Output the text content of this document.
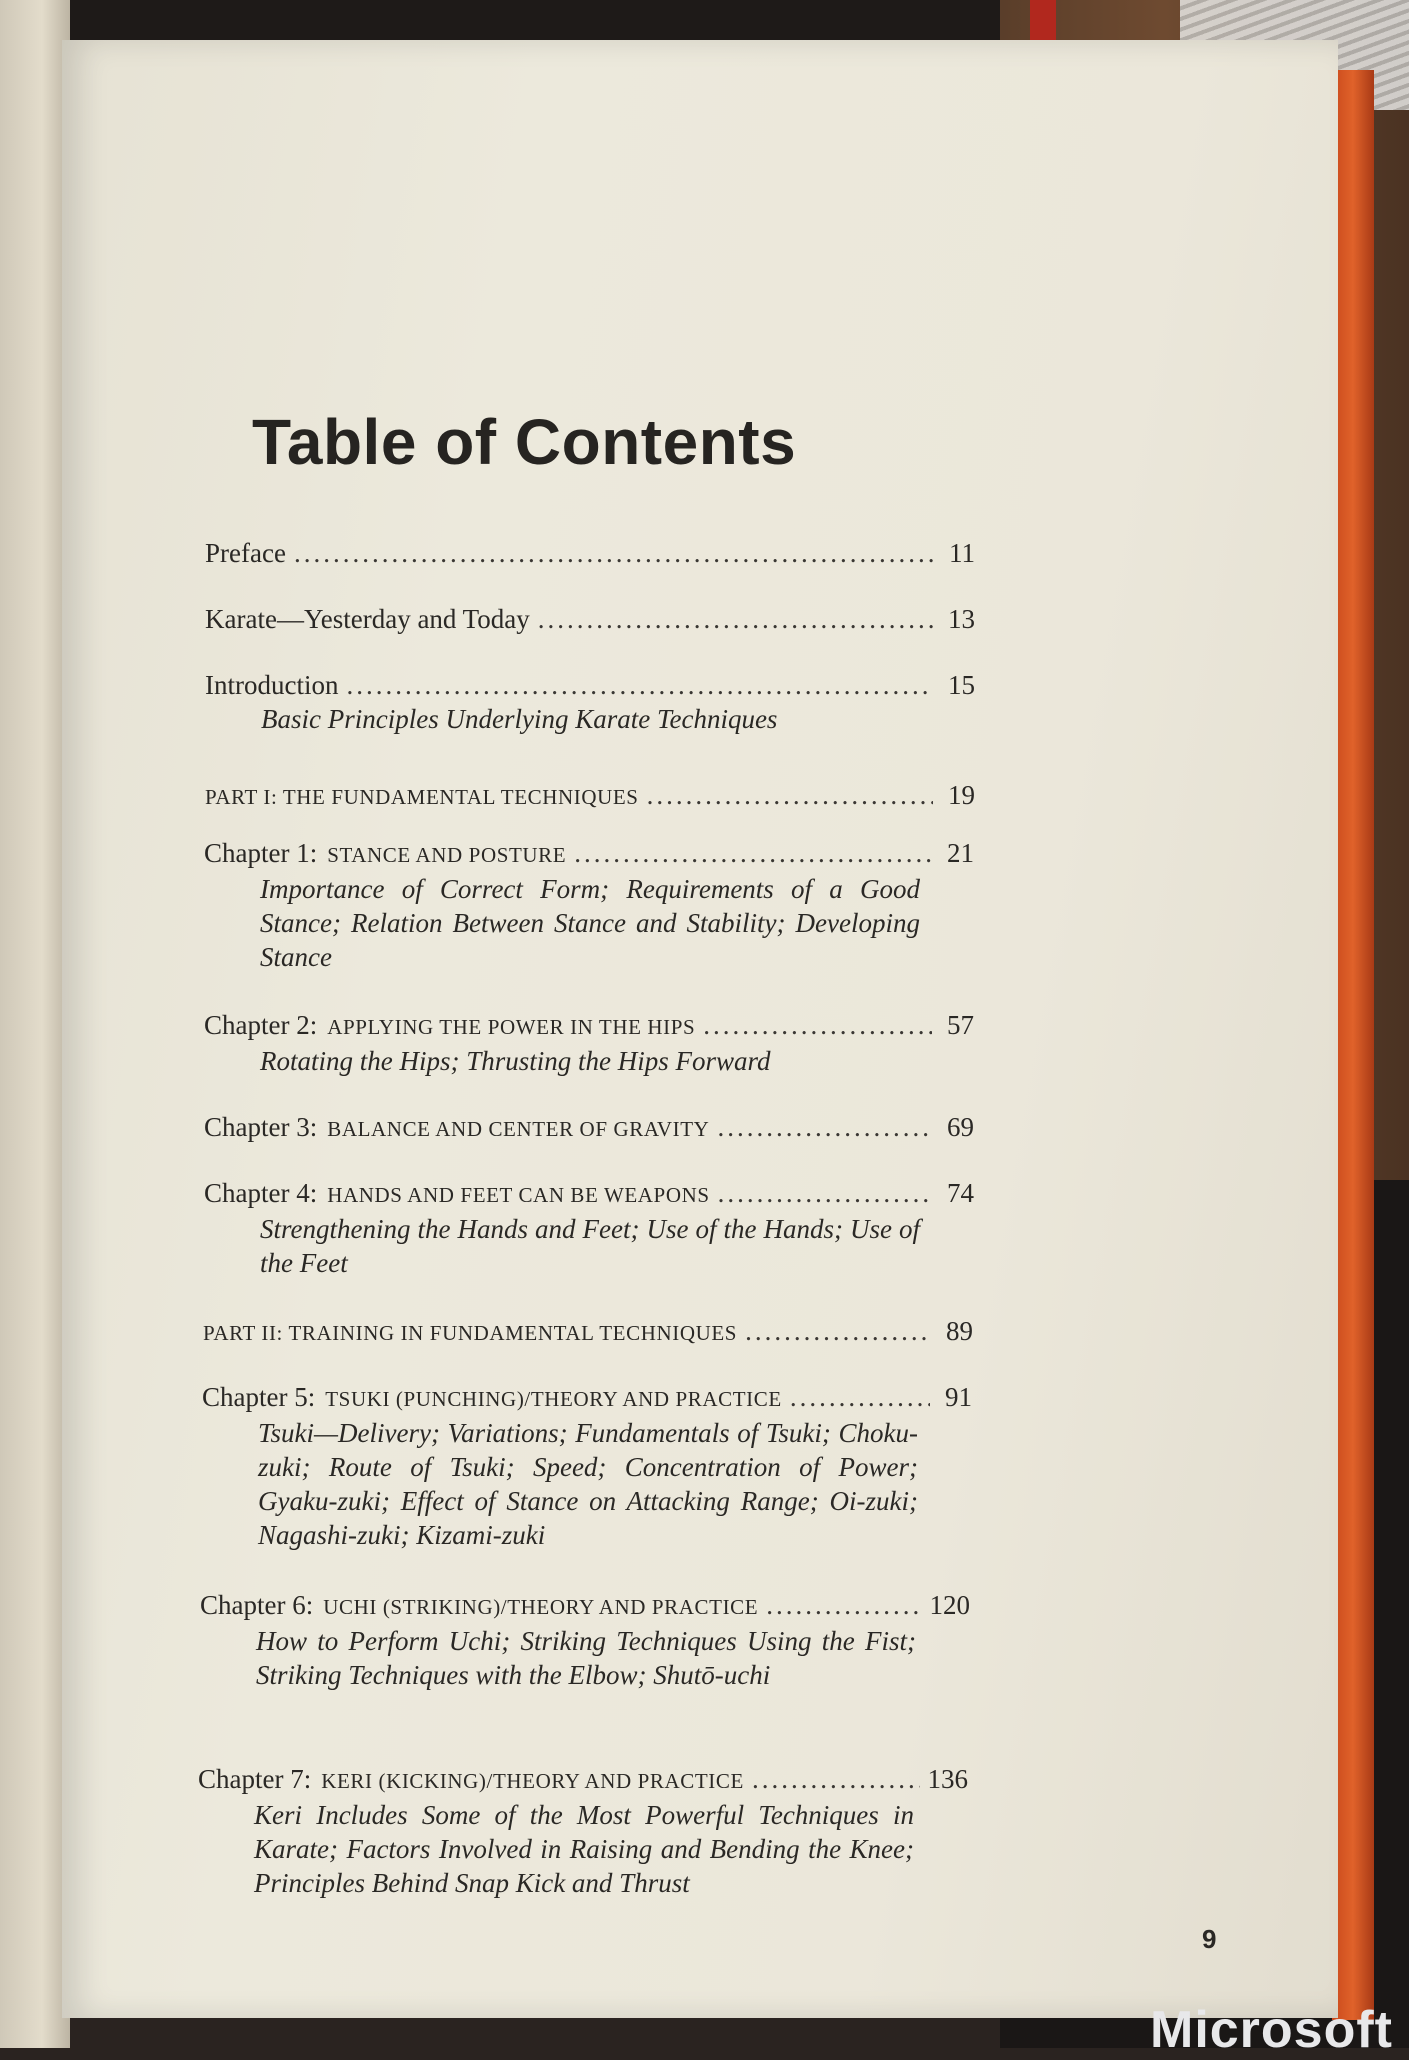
Microsoft
Table of Contents
Preface .....	11
Karate—Yesterday and Today .....	13
Introduction .....	15
Basic Principles Underlying Karate Techniques
PART I: THE FUNDAMENTAL TECHNIQUES .....	19
Chapter 1: STANCE AND POSTURE .....	21
Importance of Correct Form; Requirements of a Good Stance; Relation Between Stance and Stability; Developing Stance
Chapter 2: APPLYING THE POWER IN THE HIPS .....	57
Rotating the Hips; Thrusting the Hips Forward
Chapter 3: BALANCE AND CENTER OF GRAVITY .....	69
Chapter 4: HANDS AND FEET CAN BE WEAPONS .....	74
Strengthening the Hands and Feet; Use of the Hands; Use of the Feet
PART II: TRAINING IN FUNDAMENTAL TECHNIQUES .....	89
Chapter 5: TSUKI (PUNCHING)/THEORY AND PRACTICE .....	91
Tsuki—Delivery; Variations; Fundamentals of Tsuki; Choku-zuki; Route of Tsuki; Speed; Concentration of Power; Gyaku-zuki; Effect of Stance on Attacking Range; Oi-zuki; Nagashi-zuki; Kizami-zuki
Chapter 6: UCHI (STRIKING)/THEORY AND PRACTICE .....	120
How to Perform Uchi; Striking Techniques Using the Fist; Striking Techniques with the Elbow; Shutō-uchi
Chapter 7: KERI (KICKING)/THEORY AND PRACTICE .....	136
Keri Includes Some of the Most Powerful Techniques in Karate; Factors Involved in Raising and Bending the Knee; Principles Behind Snap Kick and Thrust
9
